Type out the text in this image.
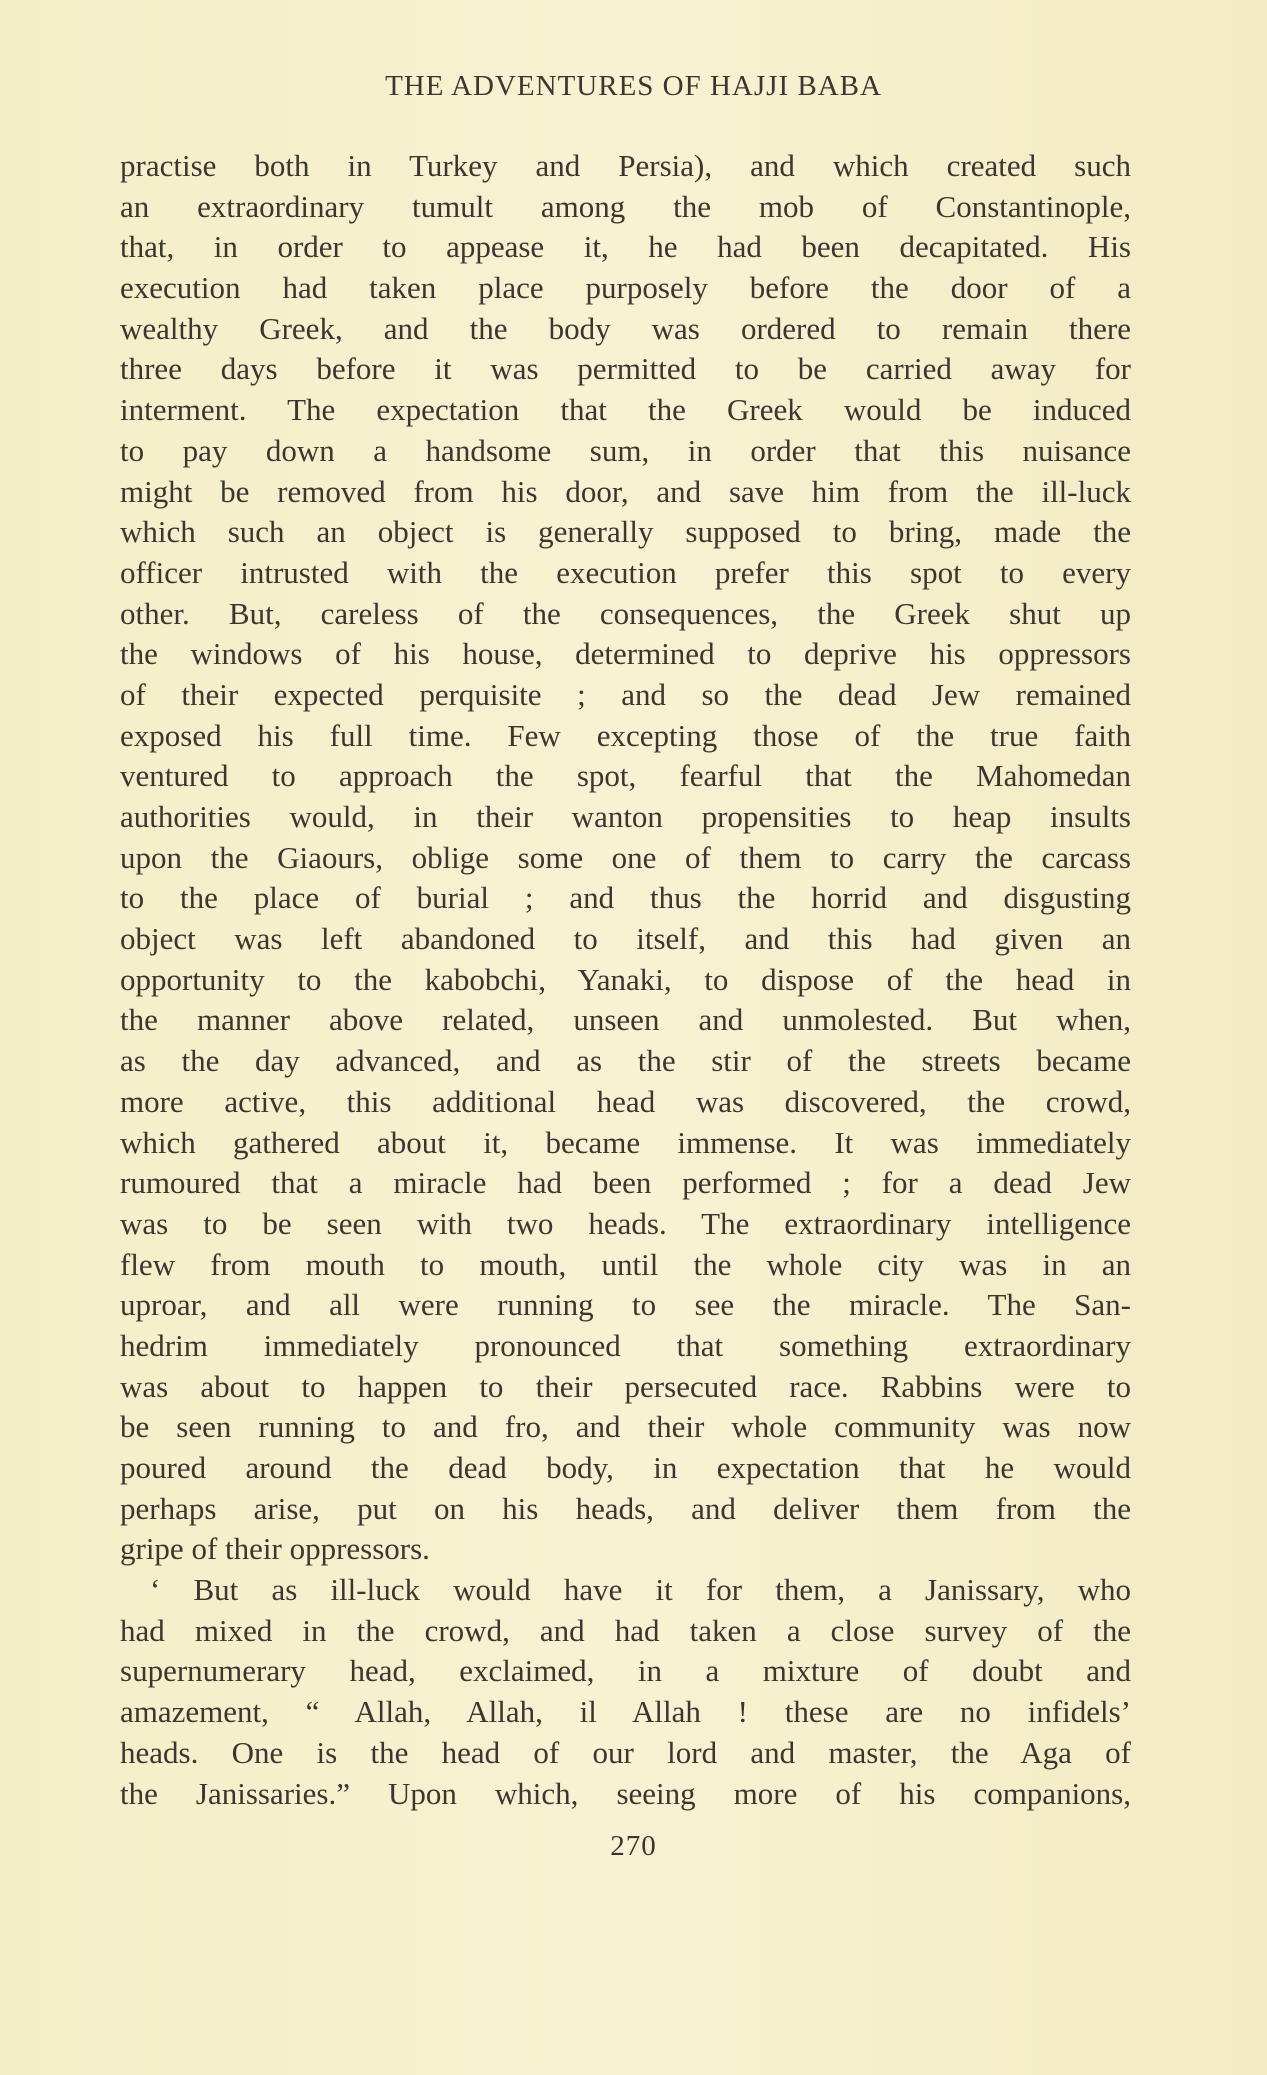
THE ADVENTURES OF HAJJI BABA
practise both in Turkey and Persia), and which created such
an extraordinary tumult among the mob of Constantinople,
that, in order to appease it, he had been decapitated. His
execution had taken place purposely before the door of a
wealthy Greek, and the body was ordered to remain there
three days before it was permitted to be carried away for
interment. The expectation that the Greek would be induced
to pay down a handsome sum, in order that this nuisance
might be removed from his door, and save him from the ill-luck
which such an object is generally supposed to bring, made the
officer intrusted with the execution prefer this spot to every
other. But, careless of the consequences, the Greek shut up
the windows of his house, determined to deprive his oppressors
of their expected perquisite ; and so the dead Jew remained
exposed his full time. Few excepting those of the true faith
ventured to approach the spot, fearful that the Mahomedan
authorities would, in their wanton propensities to heap insults
upon the Giaours, oblige some one of them to carry the carcass
to the place of burial ; and thus the horrid and disgusting
object was left abandoned to itself, and this had given an
opportunity to the kabobchi, Yanaki, to dispose of the head in
the manner above related, unseen and unmolested. But when,
as the day advanced, and as the stir of the streets became
more active, this additional head was discovered, the crowd,
which gathered about it, became immense. It was immediately
rumoured that a miracle had been performed ; for a dead Jew
was to be seen with two heads. The extraordinary intelligence
flew from mouth to mouth, until the whole city was in an
uproar, and all were running to see the miracle. The San-
hedrim immediately pronounced that something extraordinary
was about to happen to their persecuted race. Rabbins were to
be seen running to and fro, and their whole community was now
poured around the dead body, in expectation that he would
perhaps arise, put on his heads, and deliver them from the
gripe of their oppressors.
‘ But as ill-luck would have it for them, a Janissary, who
had mixed in the crowd, and had taken a close survey of the
supernumerary head, exclaimed, in a mixture of doubt and
amazement, “ Allah, Allah, il Allah ! these are no infidels’
heads. One is the head of our lord and master, the Aga of
the Janissaries.” Upon which, seeing more of his companions,
270
